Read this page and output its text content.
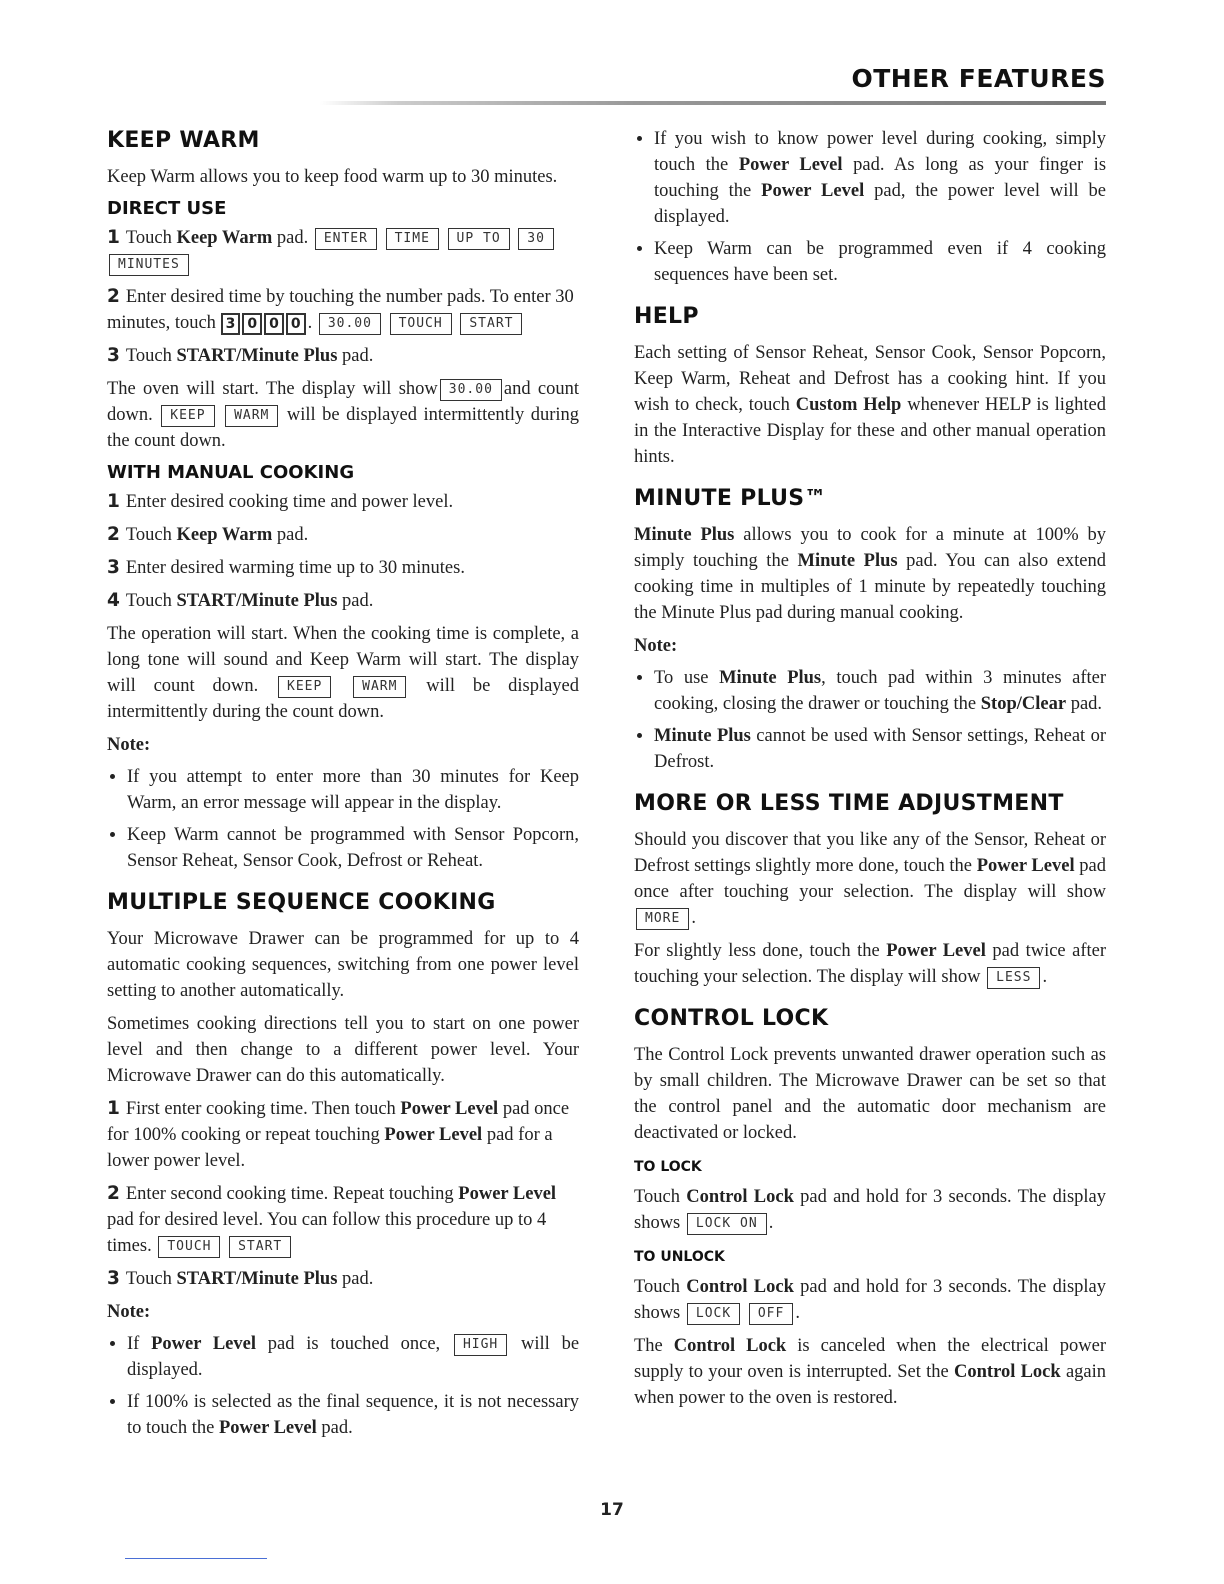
OTHER FEATURES
KEEP WARM

Keep Warm allows you to keep food warm up to 30 minutes.

DIRECT USE
1 Touch Keep Warm pad. ENTER TIME UP TO 30 MINUTES
2 Enter desired time by touching the number pads. To enter 30 minutes, touch 3 0 0 0 . 30.00 TOUCH START
3 Touch START/Minute Plus pad.

The oven will start. The display will show 30.00 and count down. KEEP WARM will be displayed intermittently during the count down.

WITH MANUAL COOKING
1 Enter desired cooking time and power level.
2 Touch Keep Warm pad.
3 Enter desired warming time up to 30 minutes.
4 Touch START/Minute Plus pad.

The operation will start. When the cooking time is complete, a long tone will sound and Keep Warm will start. The display will count down. KEEP	WARM will be displayed intermittently during the count down.

Note:
• If you attempt to enter more than 30 minutes for Keep Warm, an error message will appear in the display.
• Keep Warm cannot be programmed with Sensor Popcorn, Sensor Reheat, Sensor Cook, Defrost or Reheat.
MULTIPLE SEQUENCE COOKING

Your Microwave Drawer can be programmed for up to 4 automatic cooking sequences, switching from one power level setting to another automatically.

Sometimes cooking directions tell you to start on one power level and then change to a different power level. Your Microwave Drawer can do this automatically.

1 First enter cooking time. Then touch Power Level pad once for 100% cooking or repeat touching Power Level pad for a lower power level.
2 Enter second cooking time. Repeat touching Power Level pad for desired level. You can follow this procedure up to 4 times. TOUCH START
3 Touch START/Minute Plus pad.
Note:
• If Power Level pad is touched once, HIGH will be displayed.
• If 100% is selected as the final sequence, it is not necessary to touch the Power Level pad.
• If you wish to know power level during cooking, simply touch the Power Level pad. As long as your finger is touching the Power Level pad, the power level will be displayed.
• Keep Warm can be programmed even if 4 cooking sequences have been set.
HELP

Each setting of Sensor Reheat, Sensor Cook, Sensor Popcorn, Keep Warm, Reheat and Defrost has a cooking hint. If you wish to check, touch Custom Help whenever HELP is lighted in the Interactive Display for these and other manual operation hints.

MINUTE PLUS™

Minute Plus allows you to cook for a minute at 100% by simply touching the Minute Plus pad. You can also extend cooking time in multiples of 1 minute by repeatedly touching the Minute Plus pad during manual cooking.

Note:
• To use Minute Plus, touch pad within 3 minutes after cooking, closing the drawer or touching the Stop/Clear pad.
• Minute Plus cannot be used with Sensor settings, Reheat or Defrost.
MORE OR LESS TIME ADJUSTMENT

Should you discover that you like any of the Sensor, Reheat or Defrost settings slightly more done, touch the Power Level pad once after touching your selection. The display will show MORE .

For slightly less done, touch the Power Level pad twice after touching your selection. The display will show LESS .

CONTROL LOCK

The Control Lock prevents unwanted drawer operation such as by small children. The Microwave Drawer can be set so that the control panel and the automatic door mechanism are deactivated or locked.

TO LOCK

Touch Control Lock pad and hold for 3 seconds. The display shows LOCK ON .

TO UNLOCK

Touch Control Lock pad and hold for 3 seconds. The display shows LOCK OFF .

The Control Lock is canceled when the electrical power supply to your oven is interrupted. Set the Control Lock again when power to the oven is restored.

17
